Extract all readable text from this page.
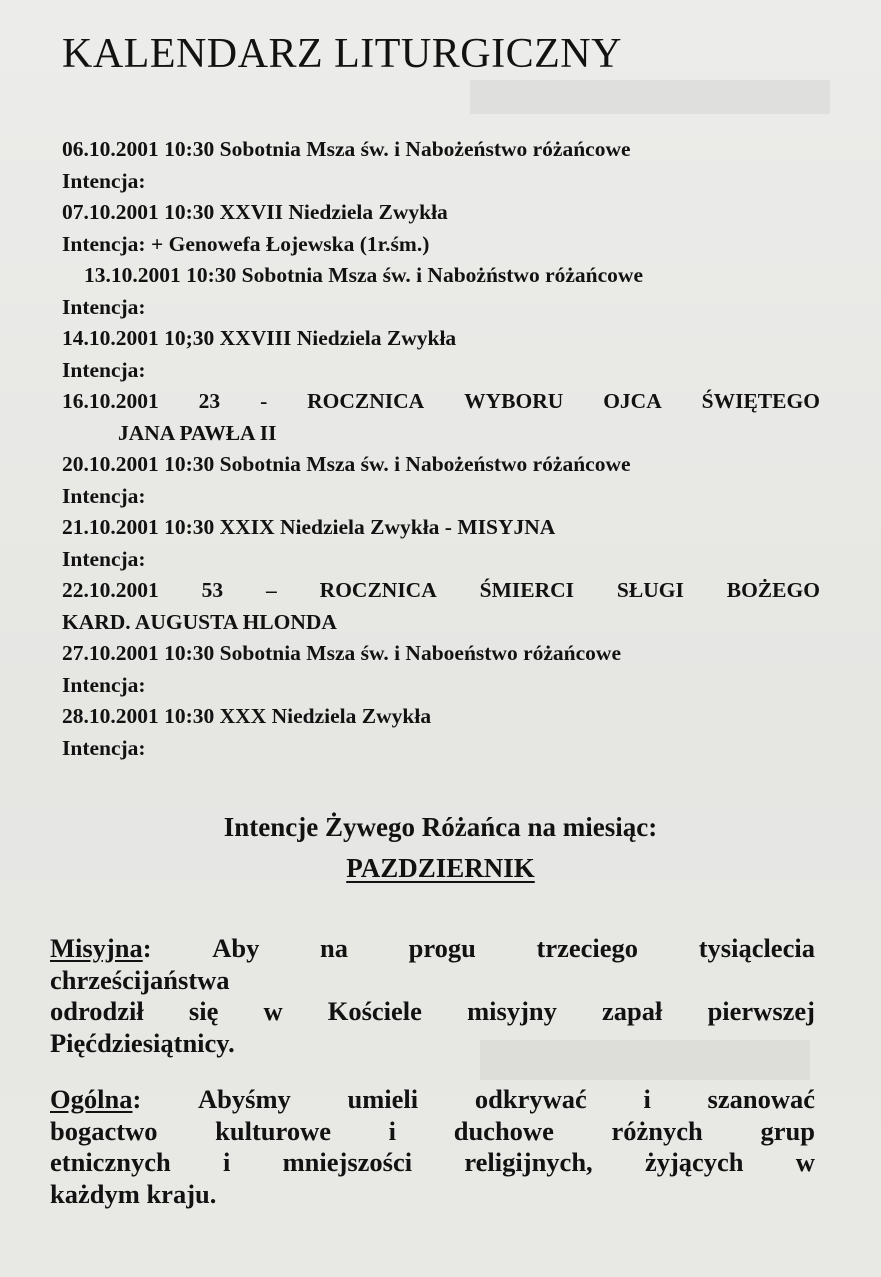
KALENDARZ LITURGICZNY
06.10.2001 10:30 Sobotnia Msza św. i Nabożeństwo różańcowe
Intencja:
07.10.2001 10:30 XXVII Niedziela Zwykła
Intencja: + Genowefa Łojewska (1r.śm.)
13.10.2001 10:30 Sobotnia Msza św. i Nabożństwo różańcowe
Intencja:
14.10.2001 10;30 XXVIII Niedziela Zwykła
Intencja:
16.10.2001 23 - ROCZNICA WYBORU OJCA ŚWIĘTEGO
JANA PAWŁA II
20.10.2001 10:30 Sobotnia Msza św. i Nabożeństwo różańcowe
Intencja:
21.10.2001 10:30 XXIX Niedziela Zwykła - MISYJNA
Intencja:
22.10.2001 53 – ROCZNICA ŚMIERCI SŁUGI BOŻEGO
KARD. AUGUSTA HLONDA
27.10.2001 10:30 Sobotnia Msza św. i Naboeństwo różańcowe
Intencja:
28.10.2001 10:30 XXX Niedziela Zwykła
Intencja:
Intencje Żywego Różańca na miesiąc:
PAZDZIERNIK
Misyjna: Aby na progu trzeciego tysiąclecia
chrześcijaństwa
odrodził się w Kościele misyjny zapał pierwszej
Pięćdziesiątnicy.
Ogólna: Abyśmy umieli odkrywać i szanować
bogactwo kulturowe i duchowe różnych grup
etnicznych i mniejszości religijnych, żyjących w
każdym kraju.
